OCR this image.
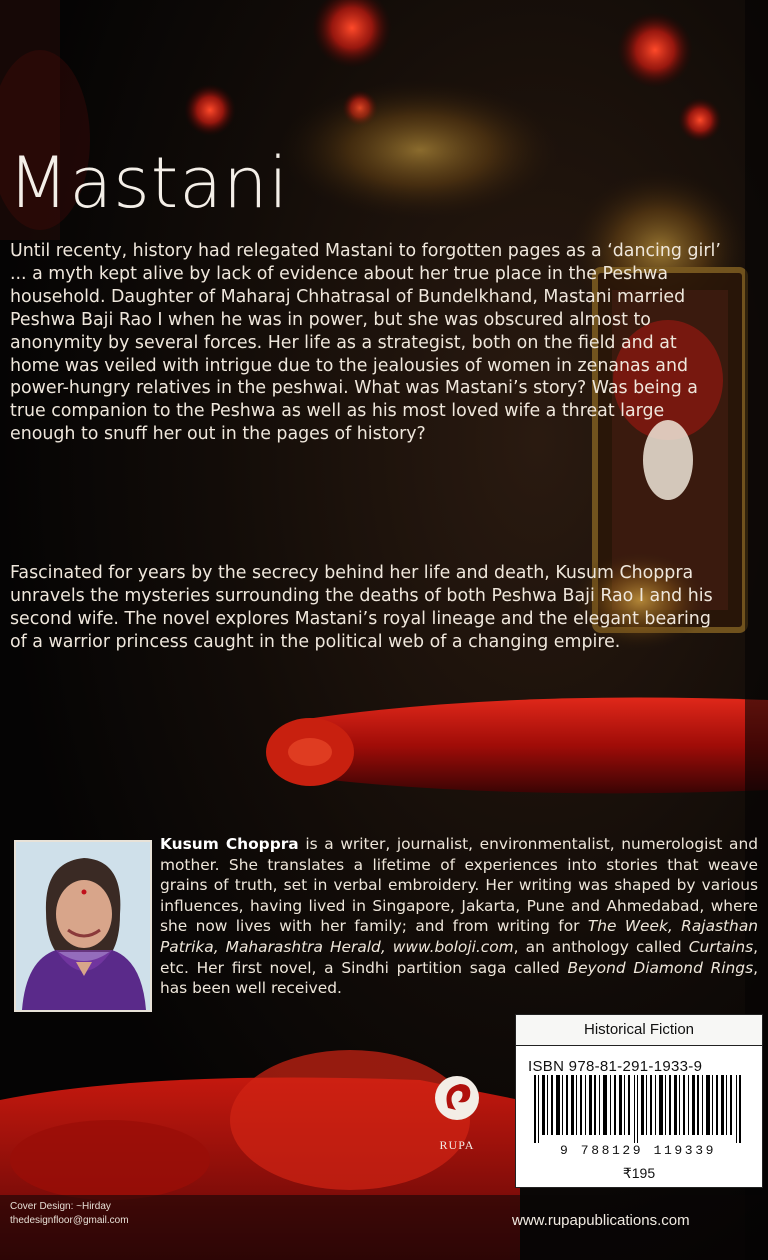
Mastani

Until recenty, history had relegated Mastani to forgotten pages as a ‘dancing girl’ ... a myth kept alive by lack of evidence about her true place in the Peshwa household. Daughter of Maharaj Chhatrasal of Bundelkhand, Mastani married Peshwa Baji Rao I when he was in power, but she was obscured almost to anonymity by several forces. Her life as a strategist, both on the field and at home was veiled with intrigue due to the jealousies of women in zenanas and power-hungry relatives in the peshwai. What was Mastani’s story? Was being a true companion to the Peshwa as well as his most loved wife a threat large enough to snuff her out in the pages of history?

Fascinated for years by the secrecy behind her life and death, Kusum Choppra unravels the mysteries surrounding the deaths of both Peshwa Baji Rao I and his second wife. The novel explores Mastani’s royal lineage and the elegant bearing of a warrior princess caught in the political web of a changing empire.

Kusum Choppra is a writer, journalist, environmentalist, numerologist and mother. She translates a lifetime of experiences into stories that weave grains of truth, set in verbal embroidery. Her writing was shaped by various influences, having lived in Singapore, Jakarta, Pune and Ahmedabad, where she now lives with her family; and from writing for The Week, Rajasthan Patrika, Maharashtra Herald, www.boloji.com, an anthology called Curtains, etc. Her first novel, a Sindhi partition saga called Beyond Diamond Rings, has been well received.

RUPA
Historical Fiction
ISBN 978-81-291-1933-9
9 788129 119339
₹195
Cover Design: ~Hirday
thedesignfloor@gmail.com	www.rupapublications.com
